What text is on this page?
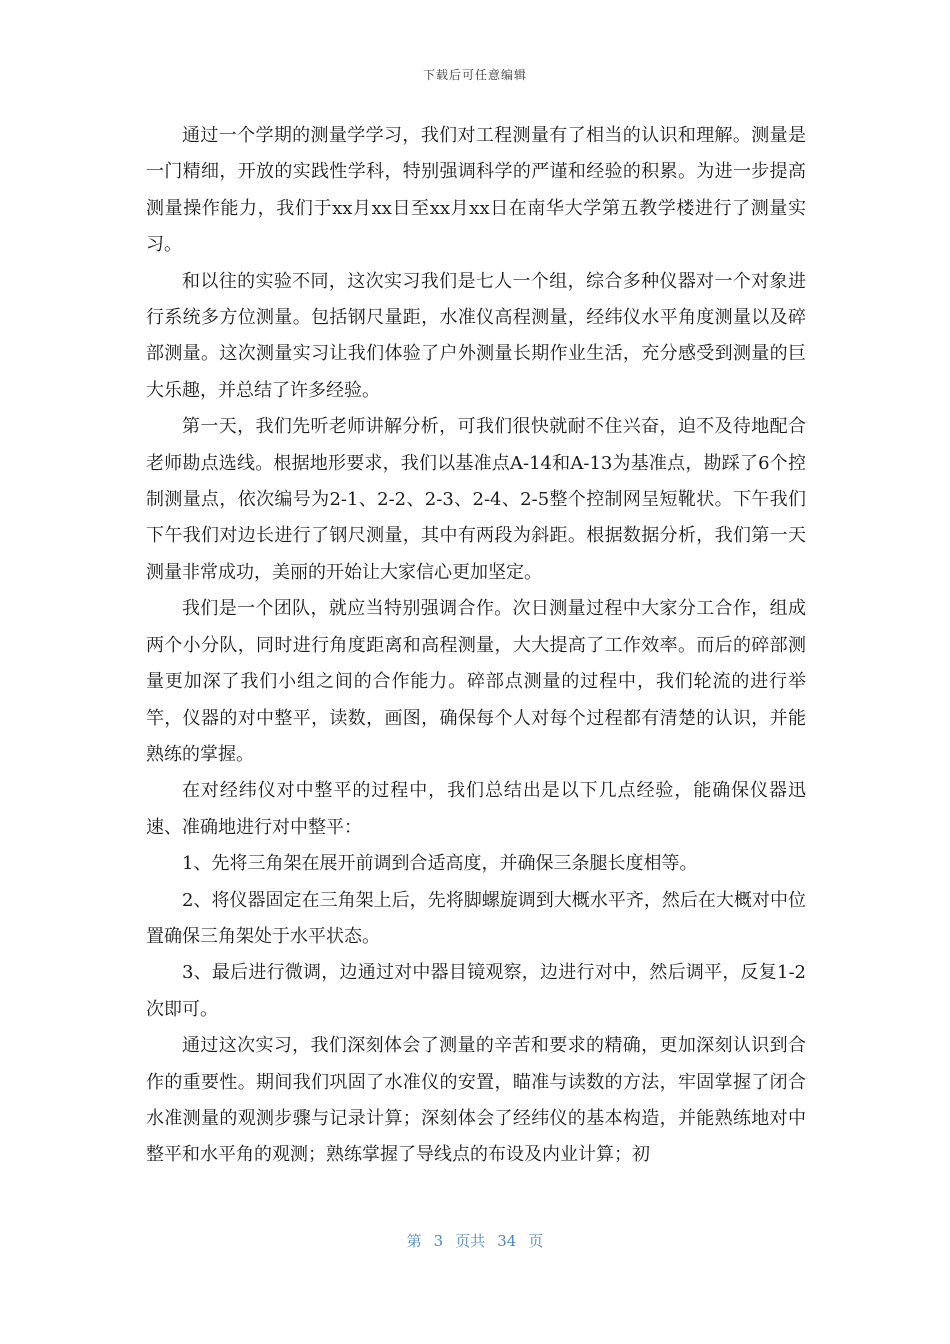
下载后可任意编辑

通过一个学期的测量学学习，我们对工程测量有了相当的认识和理解。测量是一门精细，开放的实践性学科，特别强调科学的严谨和经验的积累。为进一步提高测量操作能力，我们于xx月xx日至xx月xx日在南华大学第五教学楼进行了测量实习。

和以往的实验不同，这次实习我们是七人一个组，综合多种仪器对一个对象进行系统多方位测量。包括钢尺量距，水准仪高程测量，经纬仪水平角度测量以及碎部测量。这次测量实习让我们体验了户外测量长期作业生活，充分感受到测量的巨大乐趣，并总结了许多经验。

第一天，我们先听老师讲解分析，可我们很快就耐不住兴奋，迫不及待地配合老师勘点选线。根据地形要求，我们以基准点A-14和A-13为基准点，勘踩了6个控制测量点，依次编号为2-1、2-2、2-3、2-4、2-5整个控制网呈短靴状。下午我们下午我们对边长进行了钢尺测量，其中有两段为斜距。根据数据分析，我们第一天测量非常成功，美丽的开始让大家信心更加坚定。

我们是一个团队，就应当特别强调合作。次日测量过程中大家分工合作，组成两个小分队，同时进行角度距离和高程测量，大大提高了工作效率。而后的碎部测量更加深了我们小组之间的合作能力。碎部点测量的过程中，我们轮流的进行举竿，仪器的对中整平，读数，画图，确保每个人对每个过程都有清楚的认识，并能熟练的掌握。

在对经纬仪对中整平的过程中，我们总结出是以下几点经验，能确保仪器迅速、准确地进行对中整平：

1、先将三角架在展开前调到合适高度，并确保三条腿长度相等。

2、将仪器固定在三角架上后，先将脚螺旋调到大概水平齐，然后在大概对中位置确保三角架处于水平状态。

3、最后进行微调，边通过对中器目镜观察，边进行对中，然后调平，反复1-2次即可。

通过这次实习，我们深刻体会了测量的辛苦和要求的精确，更加深刻认识到合作的重要性。期间我们巩固了水准仪的安置，瞄准与读数的方法，牢固掌握了闭合水准测量的观测步骤与记录计算；深刻体会了经纬仪的基本构造，并能熟练地对中整平和水平角的观测；熟练掌握了导线点的布设及内业计算；初

第 3 页共 34 页
